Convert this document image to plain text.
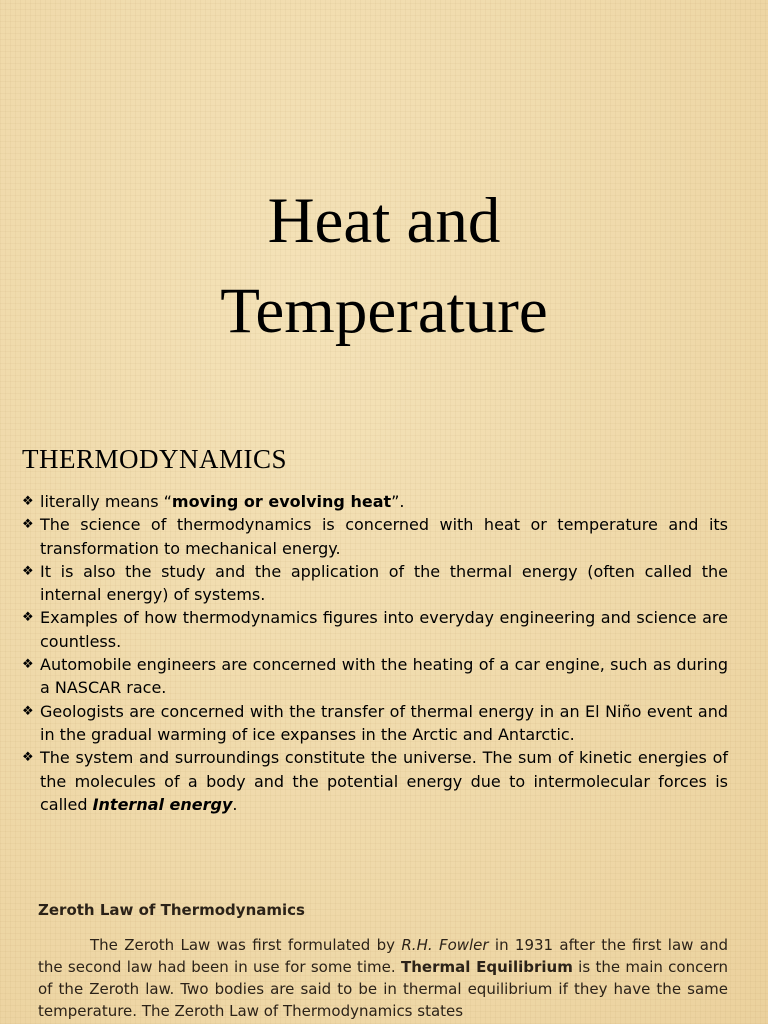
Heat and
Temperature
THERMODYNAMICS
❖ literally means “moving or evolving heat”.
❖ The science of thermodynamics is concerned with heat or temperature and its transformation to mechanical energy.
❖ It is also the study and the application of the thermal energy (often called the internal energy) of systems.
❖ Examples of how thermodynamics figures into everyday engineering and science are countless.
❖ Automobile engineers are concerned with the heating of a car engine, such as during a NASCAR race.
❖ Geologists are concerned with the transfer of thermal energy in an El Niño event and in the gradual warming of ice expanses in the Arctic and Antarctic.
❖ The system and surroundings constitute the universe. The sum of kinetic energies of the molecules of a body and the potential energy due to intermolecular forces is called Internal energy.
Zeroth Law of Thermodynamics

The Zeroth Law was first formulated by R.H. Fowler in 1931 after the first law and the second law had been in use for some time. Thermal Equilibrium is the main concern of the Zeroth law. Two bodies are said to be in thermal equilibrium if they have the same temperature. The Zeroth Law of Thermodynamics states
